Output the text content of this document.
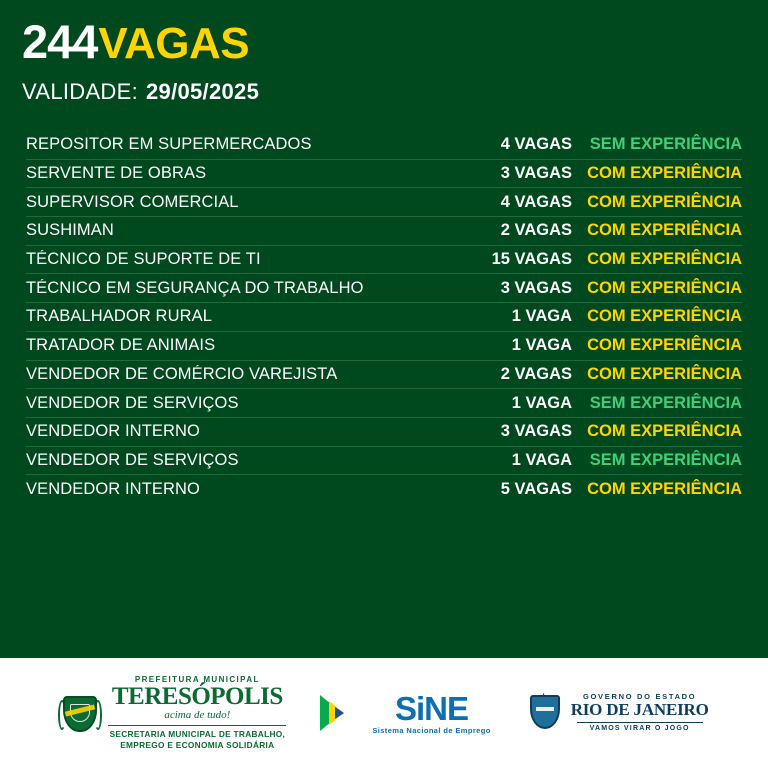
244 VAGAS
VALIDADE: 29/05/2025
REPOSITOR EM SUPERMERCADOS	4 VAGAS	SEM EXPERIÊNCIA
SERVENTE DE OBRAS	3 VAGAS COM EXPERIÊNCIA
SUPERVISOR COMERCIAL	4 VAGAS COM EXPERIÊNCIA
SUSHIMAN	2 VAGAS COM EXPERIÊNCIA
TÉCNICO DE SUPORTE DE TI	15 VAGAS COM EXPERIÊNCIA
TÉCNICO EM SEGURANÇA DO TRABALHO	3 VAGAS COM EXPERIÊNCIA
TRABALHADOR RURAL	1 VAGA COM EXPERIÊNCIA
TRATADOR DE ANIMAIS	1 VAGA COM EXPERIÊNCIA
VENDEDOR DE COMÉRCIO VAREJISTA	2 VAGAS COM EXPERIÊNCIA
VENDEDOR DE SERVIÇOS	1 VAGA	SEM EXPERIÊNCIA
VENDEDOR INTERNO	3 VAGAS COM EXPERIÊNCIA
VENDEDOR DE SERVIÇOS	1 VAGA	SEM EXPERIÊNCIA
VENDEDOR INTERNO	5 VAGAS COM EXPERIÊNCIA
PREFEITURA MUNICIPAL
TERESÓPOLIS
acima de tudo!
SECRETARIA MUNICIPAL DE TRABALHO,
EMPREGO E ECONOMIA SOLIDÁRIA
SiNE
Sistema Nacional de Emprego
GOVERNO DO ESTADO
RIO DE JANEIRO
VAMOS VIRAR O JOGO
